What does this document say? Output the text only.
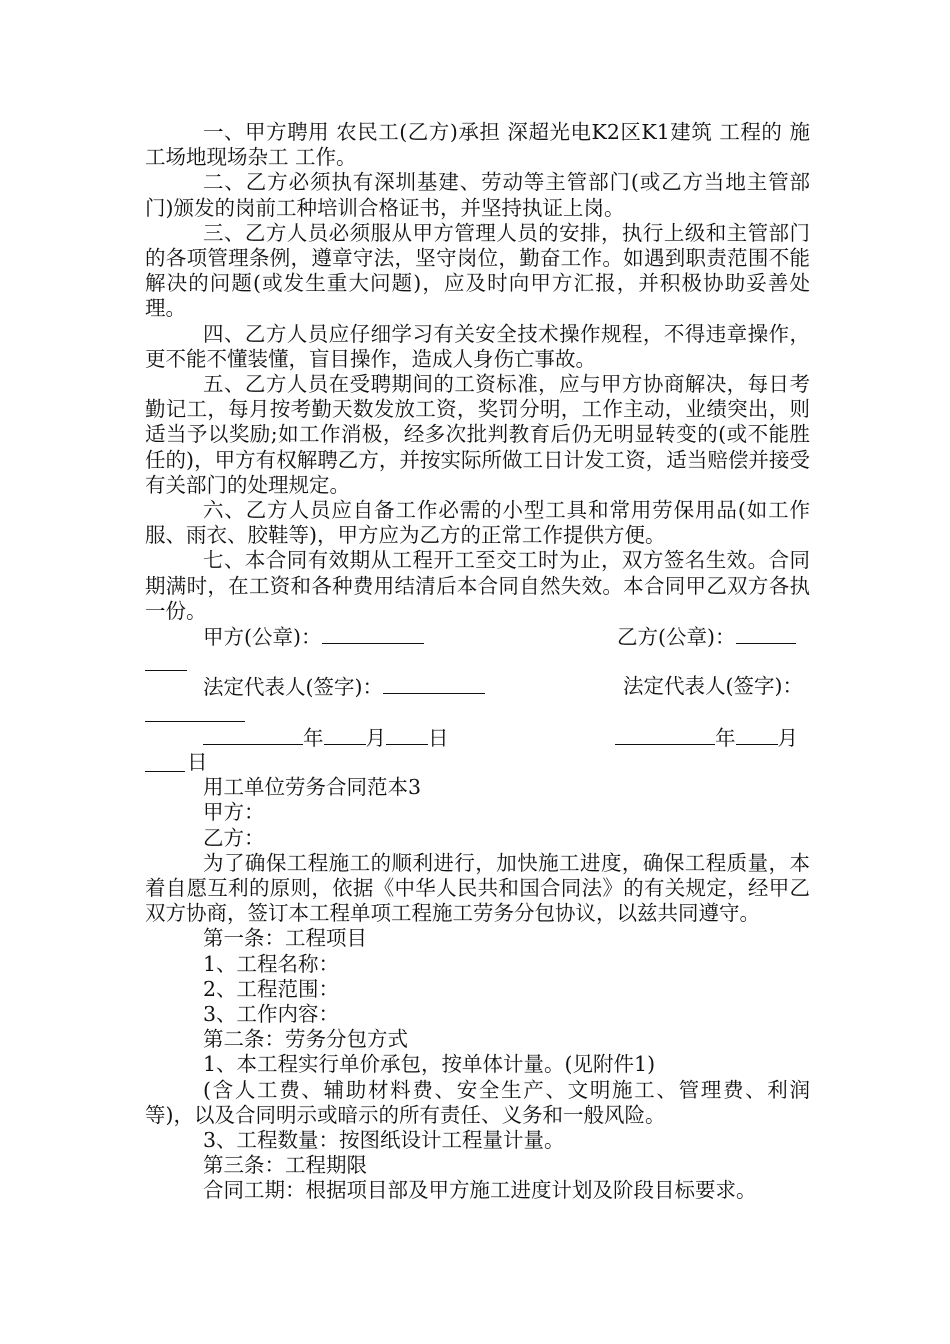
一、甲方聘用 农民工(乙方)承担 深超光电K2区K1建筑 工程的 施工场地现场杂工 工作。

二、乙方必须执有深圳基建、劳动等主管部门(或乙方当地主管部门)颁发的岗前工种培训合格证书，并坚持执证上岗。

三、乙方人员必须服从甲方管理人员的安排，执行上级和主管部门的各项管理条例，遵章守法，坚守岗位，勤奋工作。如遇到职责范围不能解决的问题(或发生重大问题)，应及时向甲方汇报，并积极协助妥善处理。

四、乙方人员应仔细学习有关安全技术操作规程，不得违章操作，更不能不懂装懂，盲目操作，造成人身伤亡事故。

五、乙方人员在受聘期间的工资标准，应与甲方协商解决，每日考勤记工，每月按考勤天数发放工资，奖罚分明，工作主动，业绩突出，则适当予以奖励;如工作消极，经多次批判教育后仍无明显转变的(或不能胜任的)，甲方有权解聘乙方，并按实际所做工日计发工资，适当赔偿并接受有关部门的处理规定。

六、乙方人员应自备工作必需的小型工具和常用劳保用品(如工作服、雨衣、胶鞋等)，甲方应为乙方的正常工作提供方便。

七、本合同有效期从工程开工至交工时为止，双方签名生效。合同期满时，在工资和各种费用结清后本合同自然失效。本合同甲乙双方各执一份。

甲方(公章)：	乙方(公章)：
法定代表人(签字)：	法定代表人(签字)：
年 月 日	年 月
日

用工单位劳务合同范本3

甲方：

乙方：

为了确保工程施工的顺利进行，加快施工进度，确保工程质量，本着自愿互利的原则，依据《中华人民共和国合同法》的有关规定，经甲乙双方协商，签订本工程单项工程施工劳务分包协议，以兹共同遵守。

第一条：工程项目

1、工程名称：

2、工程范围：

3、工作内容：

第二条：劳务分包方式

1、本工程实行单价承包，按单体计量。(见附件1)

(含人工费、辅助材料费、安全生产、文明施工、管理费、利润等)，以及合同明示或暗示的所有责任、义务和一般风险。

3、工程数量：按图纸设计工程量计量。

第三条：工程期限

合同工期：根据项目部及甲方施工进度计划及阶段目标要求。
